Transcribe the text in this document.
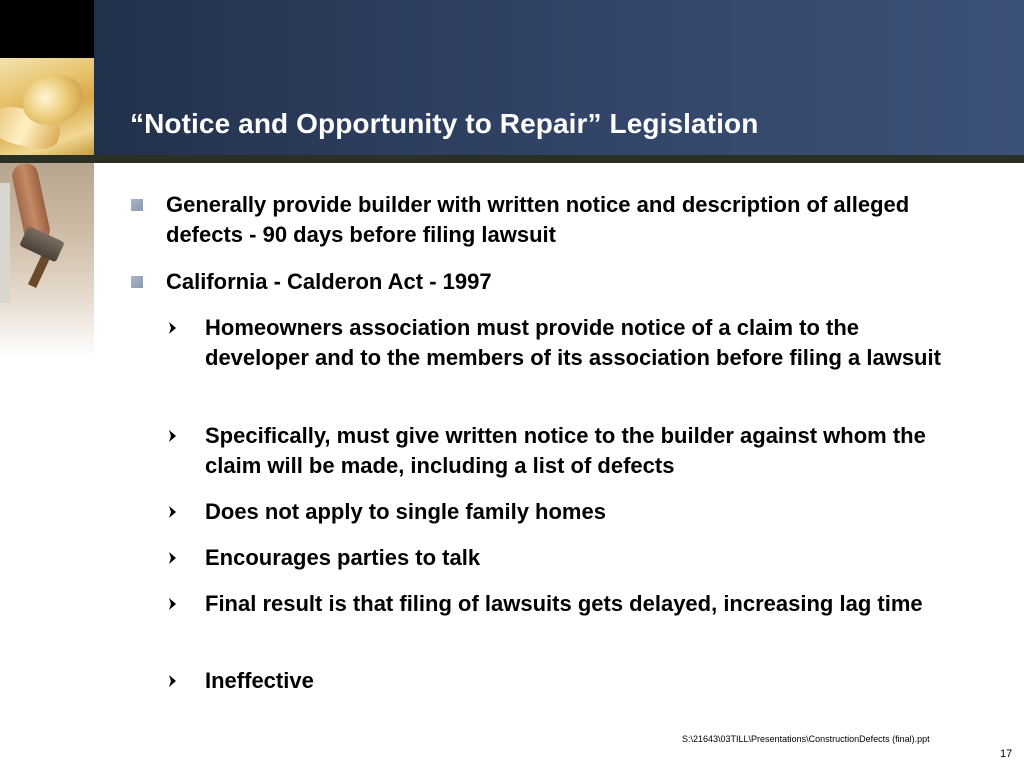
“Notice and Opportunity to Repair” Legislation
Generally provide builder with written notice and description of alleged defects - 90 days before filing lawsuit
California - Calderon Act - 1997
Homeowners association must provide notice of a claim to the developer and to the members of its association before filing a lawsuit
Specifically, must give written notice to the builder against whom the claim will be made, including a list of defects
Does not apply to single family homes
Encourages parties to talk
Final result is that filing of lawsuits gets delayed, increasing lag time
Ineffective
S:\21643\03TILL\Presentations\ConstructionDefects (final).ppt
17
